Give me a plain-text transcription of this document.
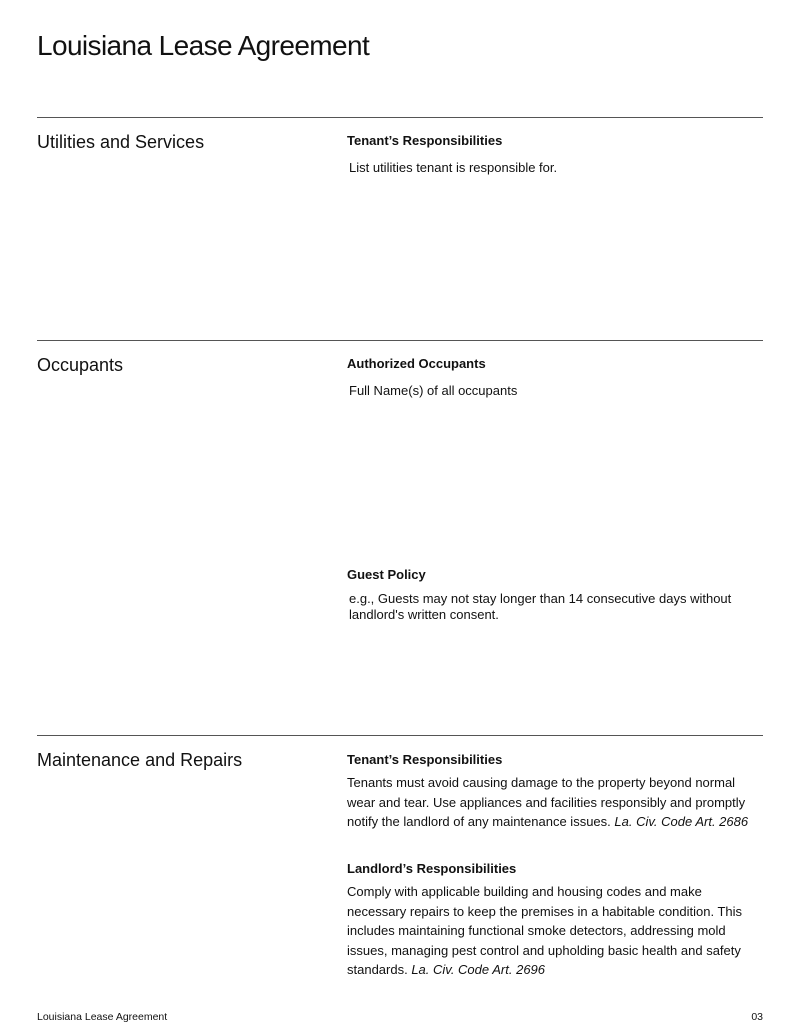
Louisiana Lease Agreement
Utilities and Services	Tenant’s Responsibilities
List utilities tenant is responsible for.
Occupants	Authorized Occupants
Full Name(s) of all occupants
Guest Policy
e.g., Guests may not stay longer than 14 consecutive days without landlord's written consent.
Maintenance and Repairs	Tenant’s Responsibilities
Tenants must avoid causing damage to the property beyond normal wear and tear. Use appliances and facilities responsibly and promptly notify the landlord of any maintenance issues. La. Civ. Code Art. 2686
Landlord’s Responsibilities
Comply with applicable building and housing codes and make necessary repairs to keep the premises in a habitable condition. This includes maintaining functional smoke detectors, addressing mold issues, managing pest control and upholding basic health and safety standards. La. Civ. Code Art. 2696
Louisiana Lease Agreement	03
